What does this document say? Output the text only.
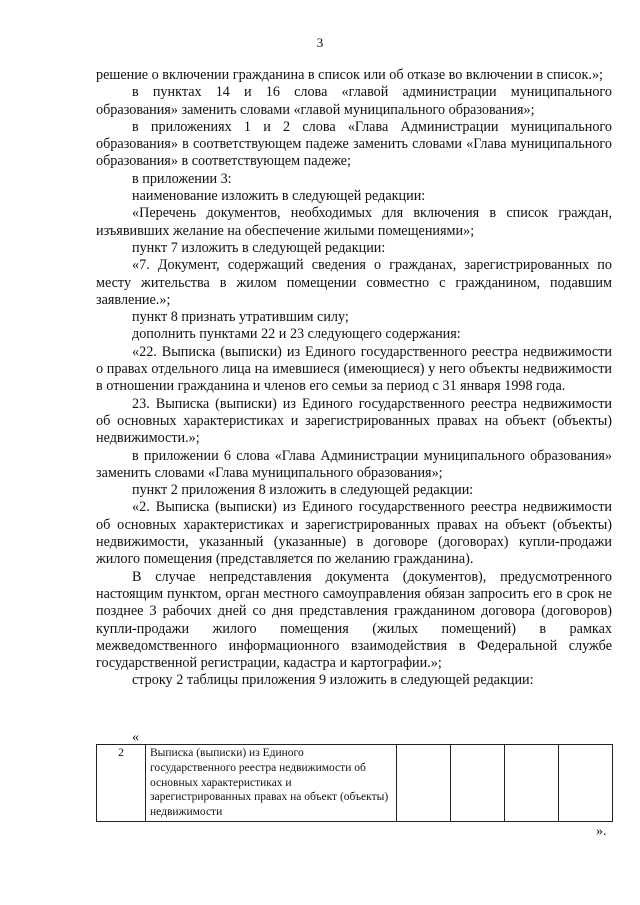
3

решение о включении гражданина в список или об отказе во включении в список.»;

в пунктах 14 и 16 слова «главой администрации муниципального образования» заменить словами «главой муниципального образования»;

в приложениях 1 и 2 слова «Глава Администрации муниципального образования» в соответствующем падеже заменить словами «Глава муниципального образования» в соответствующем падеже;

в приложении 3:

наименование изложить в следующей редакции:

«Перечень документов, необходимых для включения в список граждан, изъявивших желание на обеспечение жилыми помещениями»;

пункт 7 изложить в следующей редакции:

«7. Документ, содержащий сведения о гражданах, зарегистрированных по месту жительства в жилом помещении совместно с гражданином, подавшим заявление.»;

пункт 8 признать утратившим силу;

дополнить пунктами 22 и 23 следующего содержания:

«22. Выписка (выписки) из Единого государственного реестра недвижимости о правах отдельного лица на имевшиеся (имеющиеся) у него объекты недвижимости в отношении гражданина и членов его семьи за период с 31 января 1998 года.

23. Выписка (выписки) из Единого государственного реестра недвижимости об основных характеристиках и зарегистрированных правах на объект (объекты) недвижимости.»;

в приложении 6 слова «Глава Администрации муниципального образования» заменить словами «Глава муниципального образования»;

пункт 2 приложения 8 изложить в следующей редакции:

«2. Выписка (выписки) из Единого государственного реестра недвижимости об основных характеристиках и зарегистрированных правах на объект (объекты) недвижимости, указанный (указанные) в договоре (договорах) купли-продажи жилого помещения (представляется по желанию гражданина).

В случае непредставления документа (документов), предусмотренного настоящим пунктом, орган местного самоуправления обязан запросить его в срок не позднее 3 рабочих дней со дня представления гражданином договора (договоров) купли-продажи жилого помещения (жилых помещений) в рамках межведомственного информационного взаимодействия в Федеральной службе государственной регистрации, кадастра и картографии.»;

строку 2 таблицы приложения 9 изложить в следующей редакции:

«
2	Выписка (выписки) из Единого государственного реестра недвижимости об основных характеристиках и зарегистрированных правах на объект (объекты) недвижимости				
».
